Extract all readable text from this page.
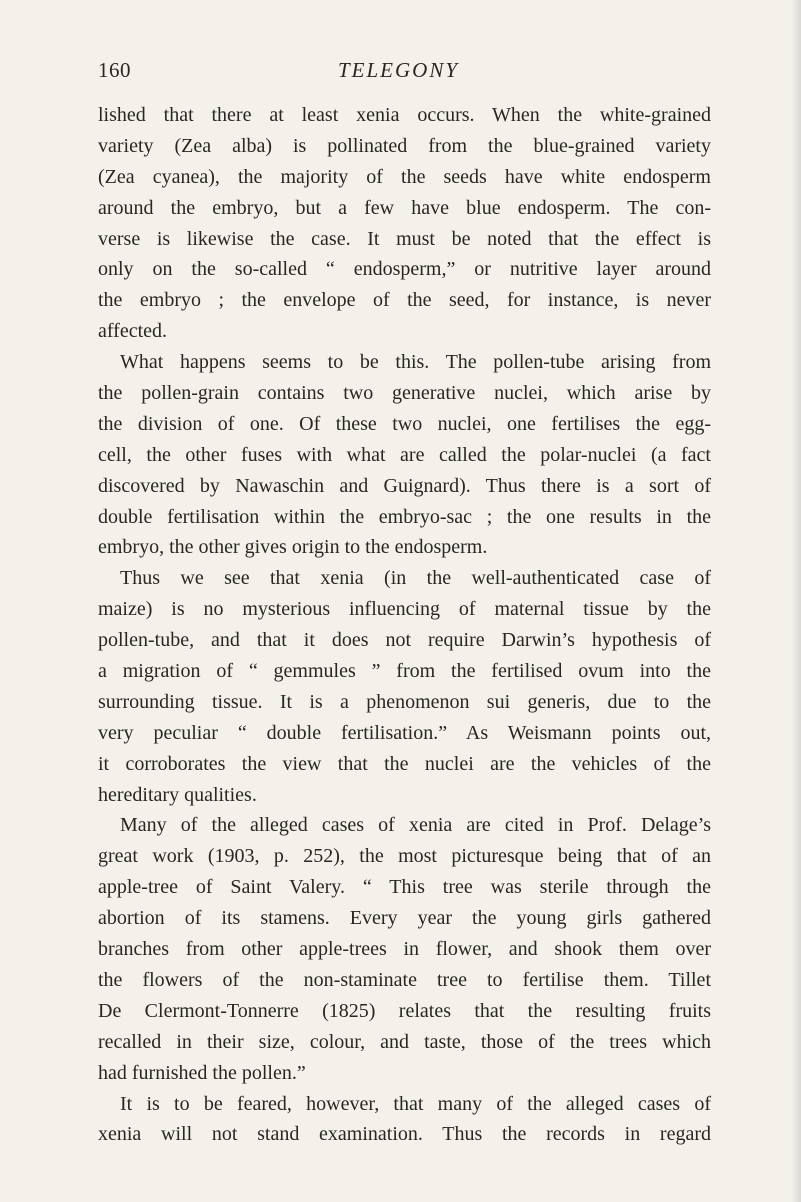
160	TELEGONY
lished that there at least xenia occurs. When the white-grained
variety (Zea alba) is pollinated from the blue-grained variety
(Zea cyanea), the majority of the seeds have white endosperm
around the embryo, but a few have blue endosperm. The con-
verse is likewise the case. It must be noted that the effect is
only on the so-called “ endosperm,” or nutritive layer around
the embryo ; the envelope of the seed, for instance, is never
affected.
What happens seems to be this. The pollen-tube arising from
the pollen-grain contains two generative nuclei, which arise by
the division of one. Of these two nuclei, one fertilises the egg-
cell, the other fuses with what are called the polar-nuclei (a fact
discovered by Nawaschin and Guignard). Thus there is a sort of
double fertilisation within the embryo-sac ; the one results in the
embryo, the other gives origin to the endosperm.
Thus we see that xenia (in the well-authenticated case of
maize) is no mysterious influencing of maternal tissue by the
pollen-tube, and that it does not require Darwin’s hypothesis of
a migration of “ gemmules ” from the fertilised ovum into the
surrounding tissue. It is a phenomenon sui generis, due to the
very peculiar “ double fertilisation.” As Weismann points out,
it corroborates the view that the nuclei are the vehicles of the
hereditary qualities.
Many of the alleged cases of xenia are cited in Prof. Delage’s
great work (1903, p. 252), the most picturesque being that of an
apple-tree of Saint Valery. “ This tree was sterile through the
abortion of its stamens. Every year the young girls gathered
branches from other apple-trees in flower, and shook them over
the flowers of the non-staminate tree to fertilise them. Tillet
De Clermont-Tonnerre (1825) relates that the resulting fruits
recalled in their size, colour, and taste, those of the trees which
had furnished the pollen.”
It is to be feared, however, that many of the alleged cases of
xenia will not stand examination. Thus the records in regard
